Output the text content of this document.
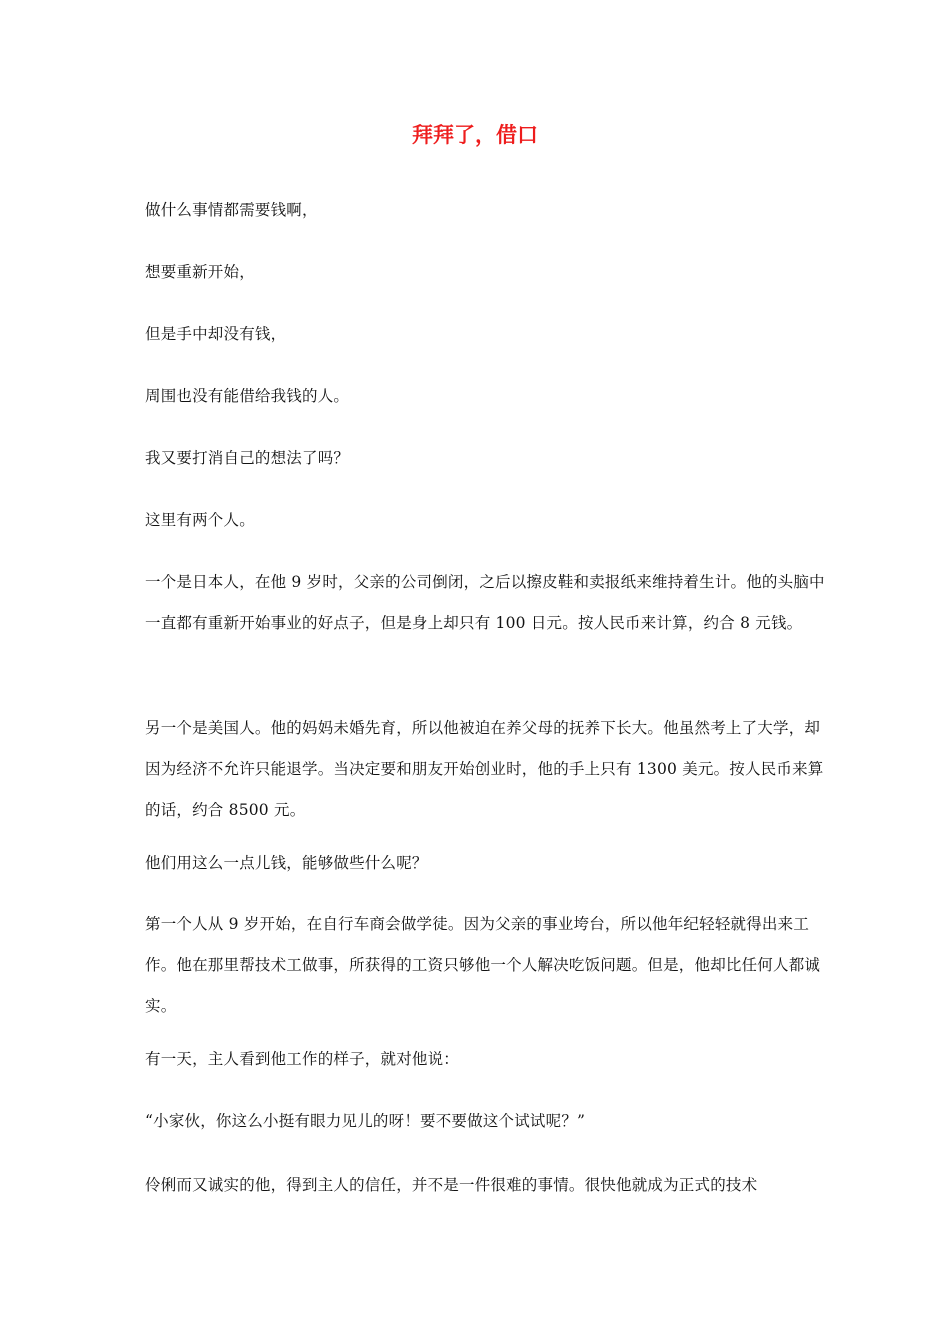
拜拜了，借口

做什么事情都需要钱啊，

想要重新开始，

但是手中却没有钱，

周围也没有能借给我钱的人。

我又要打消自己的想法了吗？

这里有两个人。

一个是日本人，在他 9 岁时，父亲的公司倒闭，之后以擦皮鞋和卖报纸来维持着生计。他的头脑中一直都有重新开始事业的好点子，但是身上却只有 100 日元。按人民币来计算，约合 8 元钱。

另一个是美国人。他的妈妈未婚先育，所以他被迫在养父母的抚养下长大。他虽然考上了大学，却因为经济不允许只能退学。当决定要和朋友开始创业时，他的手上只有 1300 美元。按人民币来算的话，约合 8500 元。

他们用这么一点儿钱，能够做些什么呢？

第一个人从 9 岁开始，在自行车商会做学徒。因为父亲的事业垮台，所以他年纪轻轻就得出来工作。他在那里帮技术工做事，所获得的工资只够他一个人解决吃饭问题。但是，他却比任何人都诚实。

有一天，主人看到他工作的样子，就对他说：

“小家伙，你这么小挺有眼力见儿的呀！要不要做这个试试呢？”

伶俐而又诚实的他，得到主人的信任，并不是一件很难的事情。很快他就成为正式的技术
